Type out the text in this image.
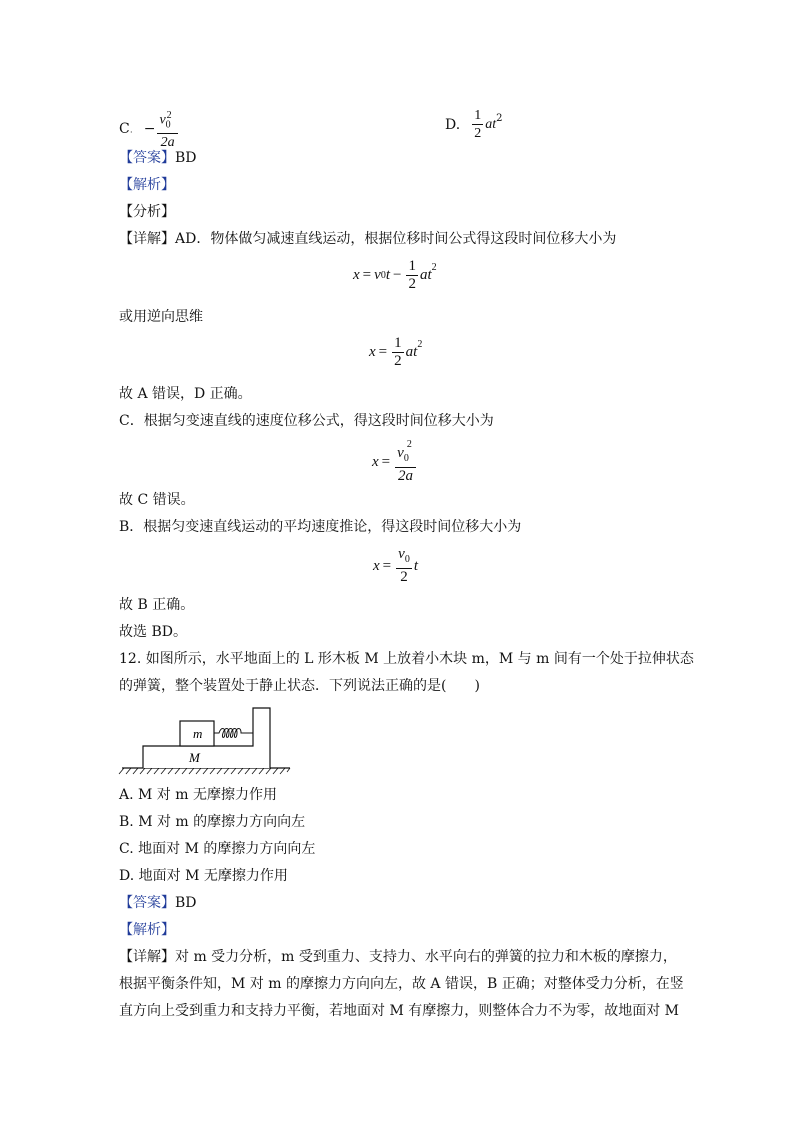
$C - \frac{v_0^2}{2a}$
·	D. $\frac{1}{2} at^2$
【答案】BD
【解析】
【分析】
【详解】AD．物体做匀减速直线运动，根据位移时间公式得这段时间位移大小为
x = v 0 $t - \frac{1}{2} at^2$
或用逆向思维
$x = \frac{1}{2} at^2$
故 A 错误，D 正确。
C．根据匀变速直线的速度位移公式，得这段时间位移大小为
$x = \frac{v_0^2}{2a}$
故 C 错误。
B．根据匀变速直线运动的平均速度推论，得这段时间位移大小为
$x = \frac{v_0}{2}$ t
故 B 正确。
故选 BD。
12. 如图所示，水平地面上的 L 形木板 M 上放着小木块 m，M 与 m 间有一个处于拉伸状态
的弹簧，整个装置处于静止状态．下列说法正确的是(　　)
m
M
A. M 对 m 无摩擦力作用
B. M 对 m 的摩擦力方向向左
C. 地面对 M 的摩擦力方向向左
D. 地面对 M 无摩擦力作用
【答案】BD
【解析】
【详解】对 m 受力分析，m 受到重力、支持力、水平向右的弹簧的拉力和木板的摩擦力，
根据平衡条件知，M 对 m 的摩擦力方向向左，故 A 错误，B 正确；对整体受力分析，在竖
直方向上受到重力和支持力平衡，若地面对 M 有摩擦力，则整体合力不为零，故地面对 M
